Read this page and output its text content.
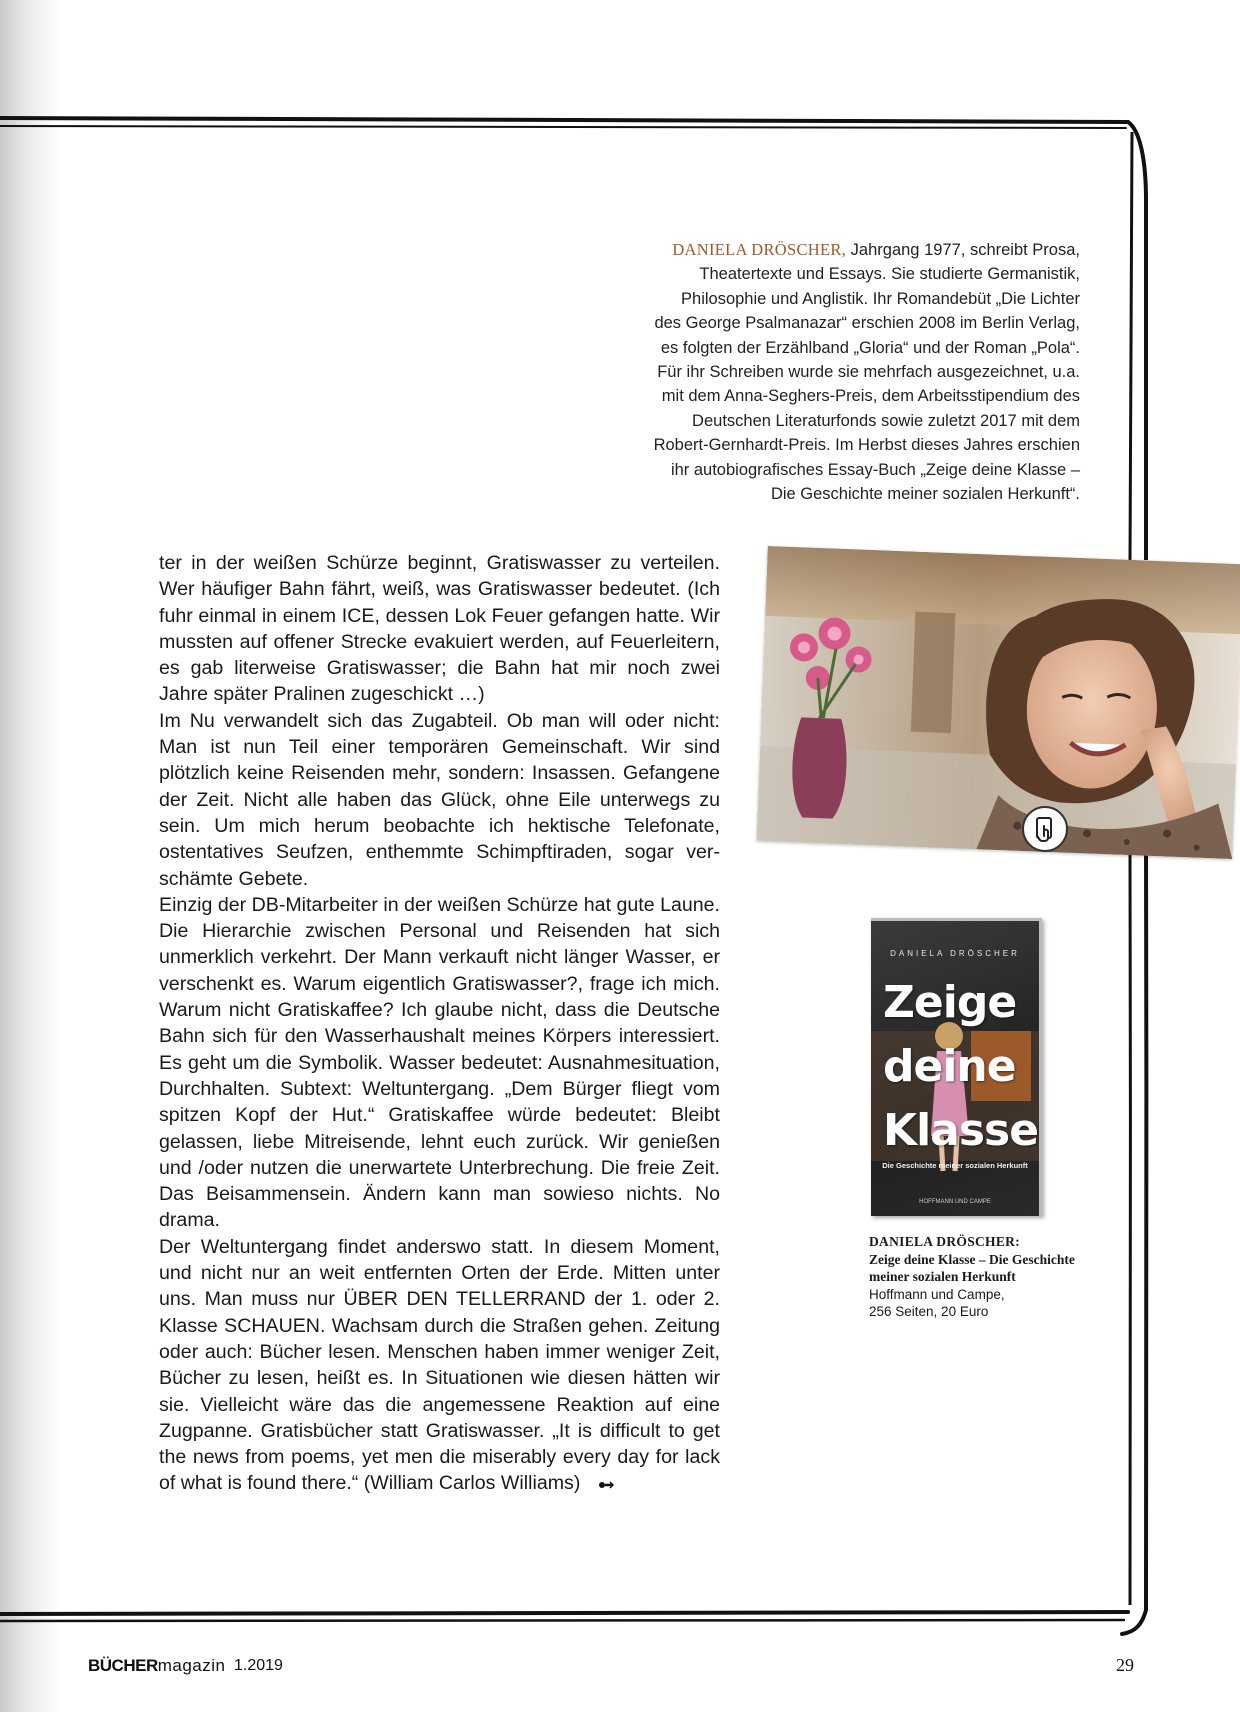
DANIELA DRÖSCHER, Jahrgang 1977, schreibt Prosa,
Theatertexte und Essays. Sie studierte Germanistik,
Philosophie und Anglistik. Ihr Romandebüt „Die Lichter
des George Psalmanazar“ erschien 2008 im Berlin Verlag,
es folgten der Erzählband „Gloria“ und der Roman „Pola“.
Für ihr Schreiben wurde sie mehrfach ausgezeichnet, u.a.
mit dem Anna-Seghers-Preis, dem Arbeitsstipendium des
Deutschen Literaturfonds sowie zuletzt 2017 mit dem
Robert-Gernhardt-Preis. Im Herbst dieses Jahres erschien
ihr autobiografisches Essay-Buch „Zeige deine Klasse –
Die Geschichte meiner sozialen Herkunft“.

ter in der weißen Schürze beginnt, Gratiswasser zu verteilen. Wer häufiger Bahn fährt, weiß, was Gratiswasser bedeutet. (Ich fuhr einmal in einem ICE, dessen Lok Feuer gefangen hatte. Wir mussten auf offener Strecke evakuiert werden, auf Feuerleitern, es gab literweise Gratiswasser; die Bahn hat mir noch zwei Jahre später Pralinen zugeschickt …)

Im Nu verwandelt sich das Zugabteil. Ob man will oder nicht: Man ist nun Teil einer temporären Gemeinschaft. Wir sind plötzlich keine Reisenden mehr, sondern: Insassen. Gefangene der Zeit. Nicht alle haben das Glück, ohne Eile unterwegs zu sein. Um mich herum beobachte ich hektische Telefonate, ostentatives Seufzen, enthemmte Schimpftiraden, sogar verschämte Gebete.

Einzig der DB-Mitarbeiter in der weißen Schürze hat gute Laune. Die Hierarchie zwischen Personal und Reisenden hat sich unmerklich verkehrt. Der Mann verkauft nicht länger Wasser, er verschenkt es. Warum eigentlich Gratiswasser?, frage ich mich. Warum nicht Gratiskaffee? Ich glaube nicht, dass die Deutsche Bahn sich für den Wasserhaushalt meines Körpers interessiert. Es geht um die Symbolik. Wasser bedeutet: Ausnahmesituation, Durchhalten. Subtext: Weltuntergang. „Dem Bürger fliegt vom spitzen Kopf der Hut.“ Gratiskaffee würde bedeutet: Bleibt gelassen, liebe Mitreisende, lehnt euch zurück. Wir genießen und /oder nutzen die unerwartete Unterbrechung. Die freie Zeit. Das Beisammensein. Ändern kann man sowieso nichts. No drama.

Der Weltuntergang findet anderswo statt. In diesem Moment, und nicht nur an weit entfernten Orten der Erde. Mitten unter uns. Man muss nur ÜBER DEN TELLERRAND der 1. oder 2. Klasse SCHAUEN. Wachsam durch die Straßen gehen. Zeitung oder auch: Bücher lesen. Menschen haben immer weniger Zeit, Bücher zu lesen, heißt es. In Situationen wie diesen hätten wir sie. Vielleicht wäre das die angemessene Reaktion auf eine Zugpanne. Gratisbücher statt Gratiswasser. „It is difficult to get the news from poems, yet men die miserably every day for lack of what is found there.“ (William Carlos Williams)

DANIELA DRÖSCHER
Zeige
deine
Klasse
Die Geschichte meiner sozialen Herkunft
HOFFMANN UND CAMPE
DANIELA DRÖSCHER:
Zeige deine Klasse – Die Geschichte meiner sozialen Herkunft
Hoffmann und Campe,
256 Seiten, 20 Euro
BÜCHERmagazin 1.2019	29
